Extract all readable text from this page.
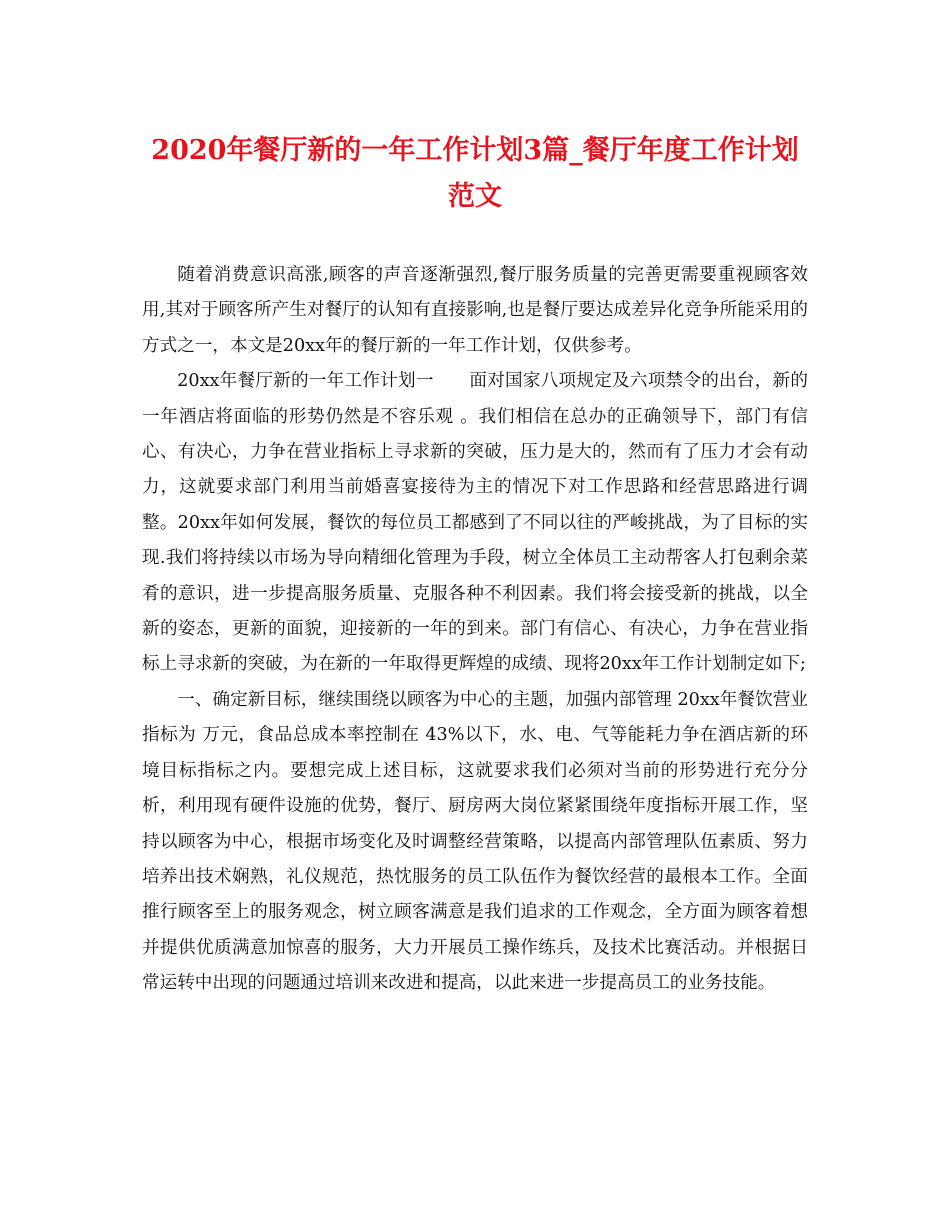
2020年餐厅新的一年工作计划3篇_餐厅年度工作计划范文

随着消费意识高涨,顾客的声音逐渐强烈,餐厅服务质量的完善更需要重视顾客效用,其对于顾客所产生对餐厅的认知有直接影响,也是餐厅要达成差异化竞争所能采用的方式之一，本文是20xx年的餐厅新的一年工作计划，仅供参考。

20xx年餐厅新的一年工作计划一　　面对国家八项规定及六项禁令的出台，新的一年酒店将面临的形势仍然是不容乐观 。我们相信在总办的正确领导下，部门有信心、有决心，力争在营业指标上寻求新的突破，压力是大的，然而有了压力才会有动力，这就要求部门利用当前婚喜宴接待为主的情况下对工作思路和经营思路进行调整。20xx年如何发展，餐饮的每位员工都感到了不同以往的严峻挑战，为了目标的实现.我们将持续以市场为导向精细化管理为手段，树立全体员工主动帮客人打包剩余菜肴的意识，进一步提高服务质量、克服各种不利因素。我们将会接受新的挑战，以全新的姿态，更新的面貌，迎接新的一年的到来。部门有信心、有决心，力争在营业指标上寻求新的突破，为在新的一年取得更辉煌的成绩、现将20xx年工作计划制定如下;

一、确定新目标，继续围绕以顾客为中心的主题，加强内部管理 20xx年餐饮营业指标为 万元，食品总成本率控制在 43%以下，水、电、气等能耗力争在酒店新的环境目标指标之内。要想完成上述目标，这就要求我们必须对当前的形势进行充分分析，利用现有硬件设施的优势，餐厅、厨房两大岗位紧紧围绕年度指标开展工作，坚持以顾客为中心，根据市场变化及时调整经营策略，以提高内部管理队伍素质、努力培养出技术娴熟，礼仪规范，热忱服务的员工队伍作为餐饮经营的最根本工作。全面推行顾客至上的服务观念，树立顾客满意是我们追求的工作观念，全方面为顾客着想并提供优质满意加惊喜的服务，大力开展员工操作练兵，及技术比赛活动。并根据日常运转中出现的问题通过培训来改进和提高，以此来进一步提高员工的业务技能。
